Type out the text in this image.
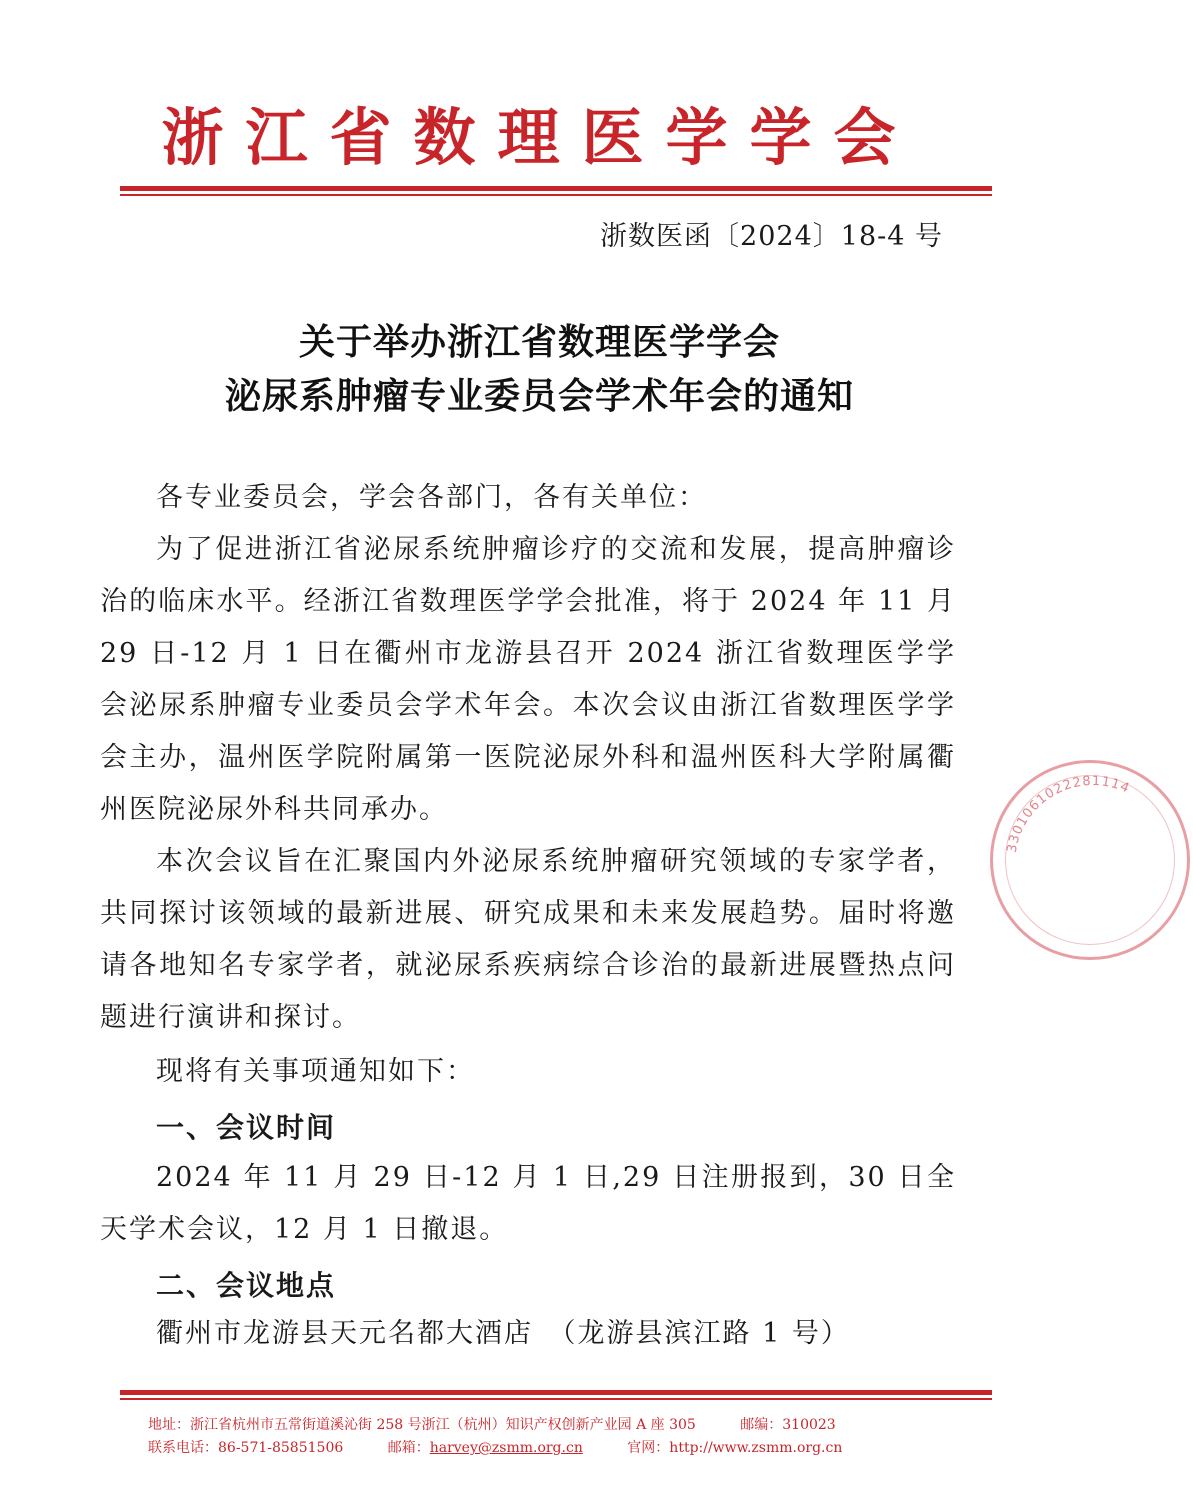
浙江省数理医学学会
浙数医函〔2024〕18-4 号
关于举办浙江省数理医学学会
泌尿系肿瘤专业委员会学术年会的通知
各专业委员会，学会各部门，各有关单位：
为了促进浙江省泌尿系统肿瘤诊疗的交流和发展，提高肿瘤诊治的临床水平。经浙江省数理医学学会批准，将于 2024 年 11 月 29 日-12 月 1 日在衢州市龙游县召开 2024 浙江省数理医学学会泌尿系肿瘤专业委员会学术年会。本次会议由浙江省数理医学学会主办，温州医学院附属第一医院泌尿外科和温州医科大学附属衢州医院泌尿外科共同承办。
本次会议旨在汇聚国内外泌尿系统肿瘤研究领域的专家学者，共同探讨该领域的最新进展、研究成果和未来发展趋势。届时将邀请各地知名专家学者，就泌尿系疾病综合诊治的最新进展暨热点问题进行演讲和探讨。
现将有关事项通知如下：
一、会议时间
2024 年 11 月 29 日-12 月 1 日,29 日注册报到，30 日全天学术会议，12 月 1 日撤退。
二、会议地点
衢州市龙游县天元名都大酒店　（龙游县滨江路 1 号）
3301061022281114
地址：浙江省杭州市五常街道溪沁街 258 号浙江（杭州）知识产权创新产业园 A 座 305	邮编：310023
联系电话：86-571-85851506	邮箱：harvey@zsmm.org.cn	官网：http://www.zsmm.org.cn
